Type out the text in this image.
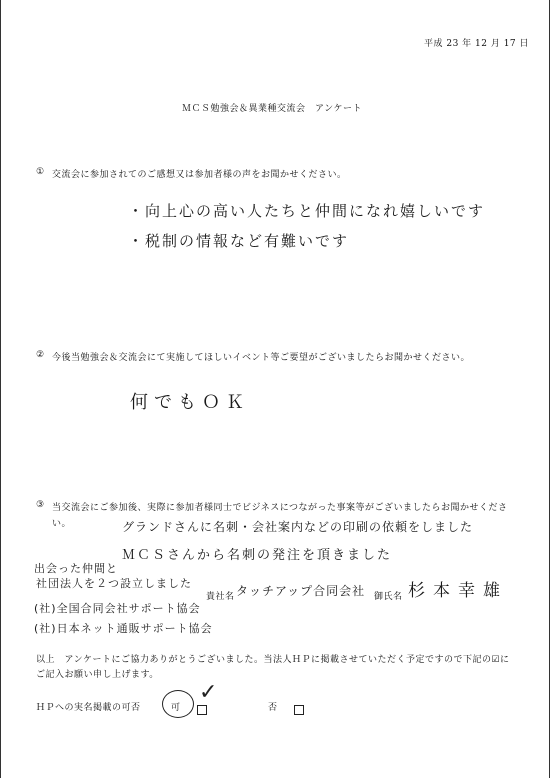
平成 23 年 12 月 17 日
ＭＣＳ勉強会＆異業種交流会　アンケート
① 交流会に参加されてのご感想又は参加者様の声をお聞かせください。
・向上心の高い人たちと仲間になれ嬉しいです
・税制の情報など有難いです
② 今後当勉強会＆交流会にて実施してほしいイベント等ご要望がございましたらお聞かせください。
何でもＯＫ
③ 当交流会にご参加後、実際に参加者様同士でビジネスにつながった事案等がございましたらお聞かせくださ
い。	グランドさんに名刺・会社案内などの印刷の依頼をしました
ＭＣＳさんから名刺の発注を頂きました
出会った仲間と
社団法人を２つ設立しました
(社)全国合同会社サポート協会
(社)日本ネット通販サポート協会
貴社名 タッチアップ合同会社 御氏名 杉本幸雄
以上　アンケートにご協力ありがとうございました。当法人ＨＰに掲載させていただく予定ですので下記の☑に
ご記入お願い申し上げます。
ＨＰへの実名掲載の可否	可
✓
否
